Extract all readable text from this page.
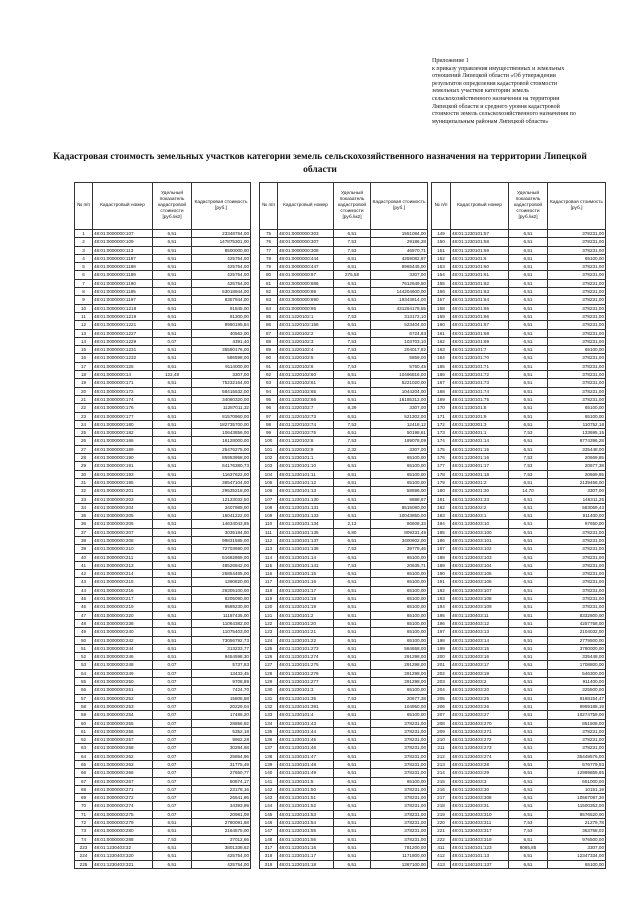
Приложение 1
к приказу управления имущественных и земельных
отношений Липецкой области «Об утверждении
результатов определения кадастровой стоимости
земельных участков категории земель
сельскохозяйственного назначения на территории
Липецкой области и среднего уровня кадастровой
стоимости земель сельскохозяйственного назначения по
муниципальным районам Липецкой области»
Кадастровая стоимость земельных участков категории земель сельскохозяйственного назначения на территории Липецкой области
№ п/п	Кадастровый номер	Удельный показатель кадастровой стоимости [руб./м2]	Кадастровая стоимость [руб.]
1	48:01:0000000:107	6,51	23348764,00
2	48:01:0000000:109	6,51	147875301,00
3	48:01:0000000:113	6,51	8500000,00
4	48:01:0000000:1187	6,51	425754,00
5	48:01:0000000:1188	6,51	425754,00
6	48:01:0000000:1189	6,51	425754,00
7	48:01:0000000:1190	6,51	425754,00
8	48:01:0000000:1195	6,51	53018944,00
9	48:01:0000000:1197	6,51	8357944,00
10	48:01:0000000:1218	6,51	81845,00
11	48:01:0000000:1219	6,51	81300,00
12	48:01:0000000:1221	6,51	9980195,84
13	48:01:0000000:1227	6,51	40562,00
14	48:01:0000000:1229	0,07	4391,40
15	48:01:0000000:1231	6,51	35590176,00
16	48:01:0000000:1232	6,51	586598,00
17	48:01:0000000:125	6,51	9114000,00
18	48:01:0000000:14	122,48	3307,00
19	48:01:0000000:171	6,51	75232164,00
20	48:01:0000000:172	6,51	58415532,00
21	48:01:0000000:174	6,51	34060320,00
22	48:01:0000000:176	6,51	11287011,32
23	48:01:0000000:177	6,51	81570960,00
24	48:01:0000000:180	6,51	182735700,00
25	48:01:0000000:182	6,51	10643856,00
26	48:01:0000000:186	6,51	18128000,00
27	48:01:0000000:189	6,51	25476275,00
28	48:01:0000000:190	6,51	85953958,00
29	48:01:0000000:191	6,51	64176380,73
30	48:01:0000000:193	6,51	11637622,00
31	48:01:0000000:195	6,51	36547104,00
32	48:01:0000000:201	6,51	29535218,00
33	48:01:0000000:203	6,51	12133032,50
34	48:01:0000000:204	6,51	3407985,00
35	48:01:0000000:205	6,51	15041222,00
36	48:01:0000000:206	6,51	14634043,85
37	48:01:0000000:207	6,51	3035184,00
38	48:01:0000000:208	6,51	99831585,00
39	48:01:0000000:210	6,51	72703690,00
40	48:01:0000000:211	6,51	51682869,00
41	48:01:0000000:213	6,51	48526842,00
42	48:01:0000000:214	6,51	25854465,00
43	48:01:0000000:215	6,51	1390820,00
44	48:01:0000000:216	6,51	26305100,00
45	48:01:0000000:217	6,51	8205090,00
46	48:01:0000000:219	6,51	9589230,00
47	48:01:0000000:220	6,51	11187435,00
48	48:01:0000000:238	6,51	11064382,00
49	48:01:0000000:240	6,51	11075403,00
50	48:01:0000000:242	6,51	73056792,73
51	48:01:0000000:244	6,51	313233,77
52	48:01:0000000:246	6,51	9454598,30
53	48:01:0000000:248	0,07	5737,83
54	48:01:0000000:249	0,07	13433,45
55	48:01:0000000:250	0,07	9708,89
56	48:01:0000000:251	0,07	7424,70
57	48:01:0000000:252	0,07	15806,58
58	48:01:0000000:253	0,07	20229,04
59	48:01:0000000:254	0,07	17485,20
60	48:01:0000000:255	0,07	28856,92
61	48:01:0000000:256	0,07	5352,18
62	48:01:0000000:257	0,07	9962,28
63	48:01:0000000:258	0,07	30284,68
64	48:01:0000000:262	0,07	25854,96
65	48:01:0000000:263	0,07	31775,49
66	48:01:0000000:266	0,07	27650,77
67	48:01:0000000:267	0,07	50874,17
68	48:01:0000000:271	0,07	23178,16
69	48:01:0000000:272	0,07	26541,86
70	48:01:0000000:274	0,07	34393,99
71	48:01:0000000:275	0,07	20981,09
72	48:01:0000000:279	6,51	2780091,68
73	48:01:0000000:280	6,51	2164575,00
74	48:01:0000000:288	7,53	37012,66
223	48:01:1230403:32	6,51	3801338,62
224	48:01:1230403:320	6,51	425754,00
225	48:01:1230403:321	6,51	425754,00
№ п/п	Кадастровый номер	Удельный показатель кадастровой стоимости [руб./м2]	Кадастровая стоимость [руб.]
75	48:01:0000000:303	6,51	1551084,00
76	48:01:0000000:307	7,53	29186,28
77	48:01:0000000:308	7,53	46570,71
78	48:01:0000000:444	6,51	4259082,87
79	48:01:0000000:447	6,51	9965445,00
80	48:01:0000000:97	275,58	3307,00
81	48:01:0000000:886	6,51	7612649,50
82	48:01:0000000:89	6,51	144204600,00
83	48:01:0000000:890	6,51	19343814,00
84	48:01:0000000:95	6,51	431264178,55
85	48:01:1220102:1	7,53	313172,10
86	48:01:1220102:156	6,51	523404,00
87	48:01:1220102:2	6,51	6724,83
88	48:01:1220102:3	7,53	103703,10
89	48:01:1220102:4	7,53	204017,82
90	48:01:1220102:5	6,51	5859,00
91	48:01:1220102:6	7,53	5760,45
92	48:01:1220102:60	6,51	10496816,00
93	48:01:1220102:61	6,51	5221020,00
94	48:01:1220102:65	6,51	1044204,00
95	48:01:1220102:66	6,51	16185312,00
96	48:01:1220102:7	8,29	3307,00
97	48:01:1220102:73	6,51	521302,00
98	48:01:1220102:74	7,53	12418,12
99	48:01:1220102:75	6,51	50198,61
100	48:01:1220102:8	7,53	189078,09
101	48:01:1220102:9	2,32	3307,00
102	48:01:1230101:1	6,51	65100,00
103	48:01:1230101:10	6,51	65100,00
104	48:01:1230101:11	6,51	65100,00
105	48:01:1230101:12	6,51	65100,00
106	48:01:1230101:13	6,51	58596,00
107	48:01:1230101:130	6,51	9888,67
108	48:01:1230101:131	6,51	8515080,00
109	48:01:1230101:133	6,51	10043850,00
110	48:01:1230101:134	2,13	86608,33
111	48:01:1230101:135	6,80	809231,49
112	48:01:1230101:137	6,51	3400602,00
113	48:01:1230101:138	7,53	39779,46
114	48:01:1230101:14	6,51	65100,00
115	48:01:1230101:141	7,53	20635,71
116	48:01:1230101:15	6,51	65100,00
117	48:01:1230101:16	6,51	65100,00
118	48:01:1230101:17	6,51	65100,00
119	48:01:1230101:18	6,51	65100,00
120	48:01:1230101:19	6,51	65100,00
121	48:01:1230101:2	6,51	65100,00
122	48:01:1230101:20	6,51	65100,00
123	48:01:1230101:21	6,51	65100,00
124	48:01:1230101:22	6,51	65100,00
125	48:01:1230101:273	6,51	584658,00
126	48:01:1230101:274	6,51	291298,00
127	48:01:1230101:275	6,51	291298,00
128	48:01:1230101:276	6,51	291298,00
129	48:01:1230101:277	6,51	291298,00
130	48:01:1230101:3	6,51	65100,00
131	48:01:1230101:35	7,53	20677,38
132	48:01:1230101:391	6,51	104950,00
133	48:01:1230101:4	6,51	65100,00
134	48:01:1230101:43	6,51	378231,00
135	48:01:1230101:44	6,51	378231,00
136	48:01:1230101:45	6,51	378231,00
137	48:01:1230101:46	6,51	378231,00
138	48:01:1230101:47	6,51	378231,00
139	48:01:1230101:48	6,51	378231,00
140	48:01:1230101:49	6,51	378231,00
141	48:01:1230101:5	6,51	65100,00
142	48:01:1230101:50	6,51	378231,00
143	48:01:1230101:51	6,51	378231,00
144	48:01:1230101:52	6,51	378231,00
145	48:01:1230101:53	6,51	378231,00
146	48:01:1230101:54	6,51	378231,00
147	48:01:1230101:55	6,51	378231,00
148	48:01:1230101:56	6,51	378231,00
317	48:01:1230101:16	6,51	781200,00
318	48:01:1230101:17	6,51	1171800,00
319	48:01:1230101:18	6,51	1367100,00
№ п/п	Кадастровый номер	Удельный показатель кадастровой стоимости [руб./м2]	Кадастровая стоимость [руб.]
149	48:01:1230101:57	6,51	378231,00
150	48:01:1230101:58	6,51	378231,00
151	48:01:1230101:59	6,51	378231,00
152	48:01:1230101:6	6,51	65100,00
153	48:01:1230101:60	6,51	378231,00
154	48:01:1230101:61	6,51	378231,00
155	48:01:1230101:62	6,51	378231,00
156	48:01:1230101:63	6,51	378231,00
157	48:01:1230101:64	6,51	378231,00
158	48:01:1230101:65	6,51	378231,00
159	48:01:1230101:66	6,51	378231,00
160	48:01:1230101:67	6,51	378231,00
161	48:01:1230101:68	6,51	378231,00
162	48:01:1230101:69	6,51	378231,00
163	48:01:1230101:7	6,51	65100,00
164	48:01:1230101:70	6,51	378231,00
165	48:01:1230101:71	6,51	378231,00
166	48:01:1230101:72	6,51	378231,00
167	48:01:1230101:73	6,51	378231,00
168	48:01:1230101:74	6,51	378231,00
169	48:01:1230101:75	6,51	378231,00
170	48:01:1230101:8	6,51	65100,00
171	48:01:1230101:9	6,51	65100,00
172	48:01:1230301:3	6,51	110752,18
173	48:01:1230401:1	7,53	133695,15
174	48:01:1230401:14	6,51	8774396,28
175	48:01:1230401:15	6,51	335448,00
176	48:01:1230401:16	7,53	20669,85
177	48:01:1230401:17	7,53	20677,38
178	48:01:1230401:18	7,53	20669,85
179	48:01:1230401:2	6,51	2139456,00
180	48:01:1230401:30	14,70	3307,00
181	48:01:1230401:33	6,51	146311,25
182	48:01:1230402:2	6,51	583069,43
183	48:01:1230403:1	6,51	911400,00
184	48:01:1230403:10	6,51	97650,00
185	48:01:1230403:100	6,51	378231,00
186	48:01:1230403:101	6,51	378231,00
187	48:01:1230403:102	6,51	378231,00
188	48:01:1230403:103	6,51	378231,00
189	48:01:1230403:104	6,51	378231,00
190	48:01:1230403:105	6,51	378231,00
191	48:01:1230403:106	6,51	378231,00
192	48:01:1230403:107	6,51	378231,00
193	48:01:1230403:108	6,51	378231,00
194	48:01:1230403:109	6,51	378231,00
195	48:01:1230403:11	6,51	8332800,00
196	48:01:1230403:12	6,51	4257758,00
197	48:01:1230403:13	6,51	2104032,00
198	48:01:1230403:14	6,51	2779500,00
199	48:01:1230403:15	6,51	3780000,00
200	48:01:1230403:16	6,51	335448,00
201	48:01:1230403:17	6,51	1708800,00
202	48:01:1230403:19	6,51	546300,00
203	48:01:1230403:2	6,51	911400,00
204	48:01:1230403:20	6,51	325500,00
205	48:01:1230403:25	6,51	9188154,47
206	48:01:1230403:26	6,51	9959188,19
207	48:01:1230403:27	6,51	10274759,00
208	48:01:1230403:270	6,51	851508,00
209	48:01:1230403:271	6,51	378231,00
210	48:01:1230403:272	6,51	378231,00
211	48:01:1230403:273	6,51	378231,00
212	48:01:1230403:274	6,51	35449576,00
213	48:01:1230403:28	6,51	676779,93
214	48:01:1230403:29	6,51	12999859,65
215	48:01:1230403:3	6,51	651000,00
216	48:01:1230403:30	6,51	10151,19
217	48:01:1230403:308	6,51	10567097,30
218	48:01:1230403:31	6,51	11500353,00
219	48:01:1230403:310	6,51	8576520,00
220	48:01:1230403:311	7,53	21279,78
221	48:01:1230403:317	7,53	363758,02
222	48:01:1230403:319	6,51	976500,00
411	48:01:1240101:123	8065,85	3307,00
412	48:01:1240101:13	6,51	12347334,00
413	48:01:1240101:137	6,51	65100,00
